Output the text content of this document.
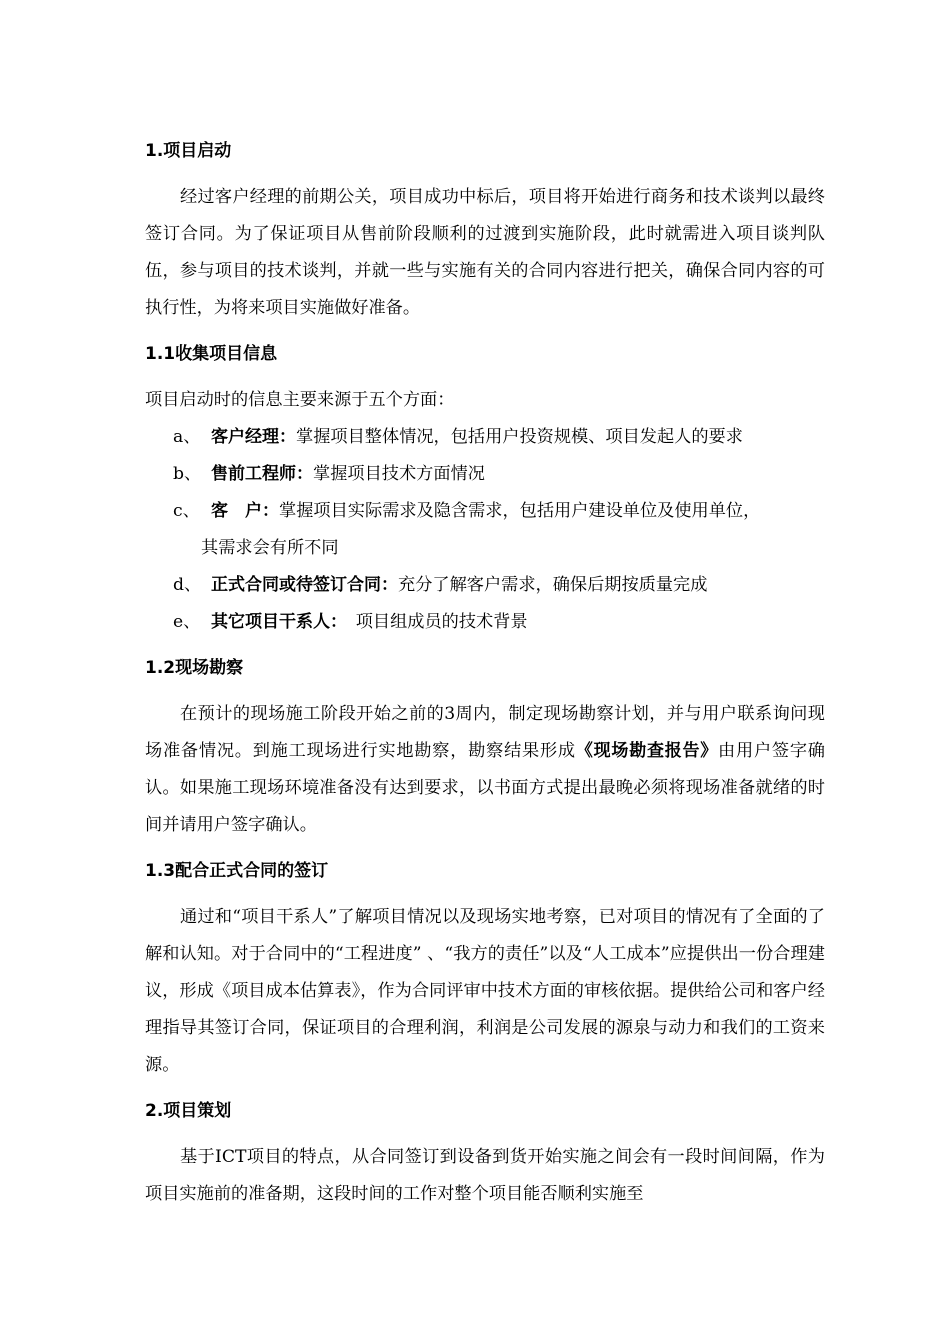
1.项目启动

经过客户经理的前期公关，项目成功中标后，项目将开始进行商务和技术谈判以最终签订合同。为了保证项目从售前阶段顺利的过渡到实施阶段，此时就需进入项目谈判队伍，参与项目的技术谈判，并就一些与实施有关的合同内容进行把关，确保合同内容的可执行性，为将来项目实施做好准备。

1.1收集项目信息

项目启动时的信息主要来源于五个方面：

a、 客户经理：掌握项目整体情况，包括用户投资规模、项目发起人的要求
b、 售前工程师：掌握项目技术方面情况
c、 客　户：掌握项目实际需求及隐含需求，包括用户建设单位及使用单位，
其需求会有所不同
d、 正式合同或待签订合同：充分了解客户需求，确保后期按质量完成
e、 其它项目干系人：　项目组成员的技术背景
1.2现场勘察

在预计的现场施工阶段开始之前的3周内，制定现场勘察计划，并与用户联系询问现场准备情况。到施工现场进行实地勘察，勘察结果形成《现场勘查报告》由用户签字确认。如果施工现场环境准备没有达到要求，以书面方式提出最晚必须将现场准备就绪的时间并请用户签字确认。

1.3配合正式合同的签订

通过和“项目干系人”了解项目情况以及现场实地考察，已对项目的情况有了全面的了解和认知。对于合同中的“工程进度” 、“我方的责任”以及“人工成本”应提供出一份合理建议，形成《项目成本估算表》，作为合同评审中技术方面的审核依据。提供给公司和客户经理指导其签订合同，保证项目的合理利润，利润是公司发展的源泉与动力和我们的工资来源。

2.项目策划

基于ICT项目的特点，从合同签订到设备到货开始实施之间会有一段时间间隔，作为项目实施前的准备期，这段时间的工作对整个项目能否顺利实施至
